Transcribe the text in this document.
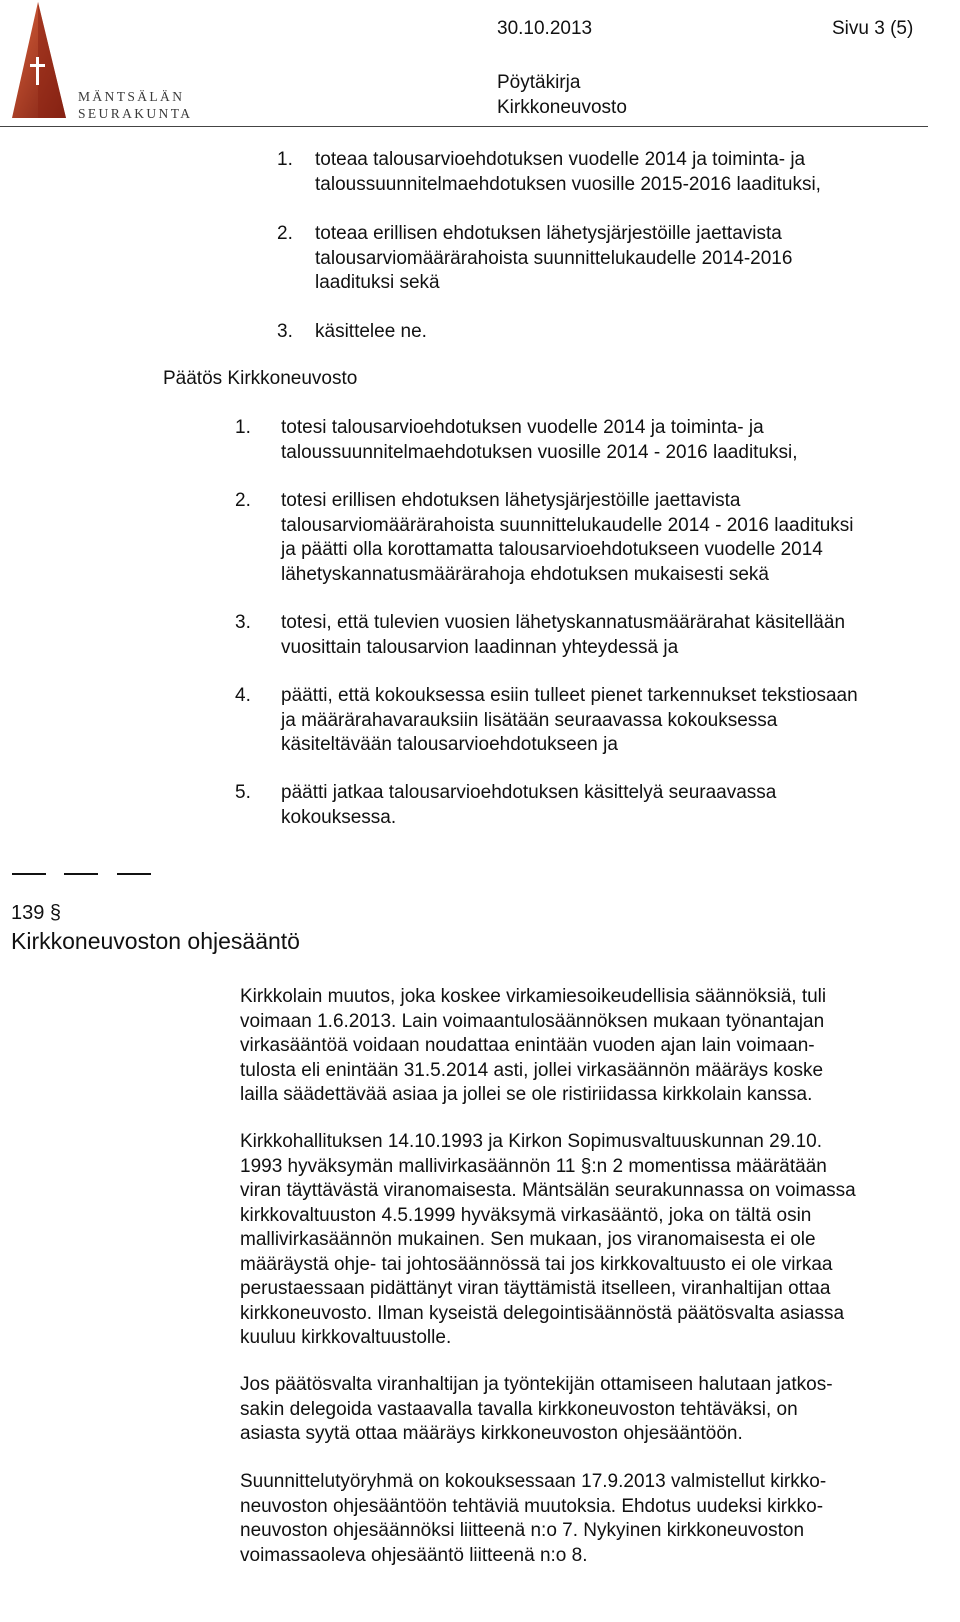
MÄNTSÄLÄN
SEURAKUNTA
30.10.2013	Sivu 3 (5)
Pöytäkirja
Kirkkoneuvosto
1. toteaa talousarvioehdotuksen vuodelle 2014 ja toiminta- ja
taloussuunnitelmaehdotuksen vuosille 2015-2016 laadituksi,
2. toteaa erillisen ehdotuksen lähetysjärjestöille jaettavista
talousarviomäärärahoista suunnittelukaudelle 2014-2016
laadituksi sekä
3. käsittelee ne.
Päätös Kirkkoneuvosto
1. totesi talousarvioehdotuksen vuodelle 2014 ja toiminta- ja
taloussuunnitelmaehdotuksen vuosille 2014 - 2016 laadituksi,
2. totesi erillisen ehdotuksen lähetysjärjestöille jaettavista
talousarviomäärärahoista suunnittelukaudelle 2014 - 2016 laadituksi
ja päätti olla korottamatta talousarvioehdotukseen vuodelle 2014
lähetyskannatusmäärärahoja ehdotuksen mukaisesti sekä
3. totesi, että tulevien vuosien lähetyskannatusmäärärahat käsitellään
vuosittain talousarvion laadinnan yhteydessä ja
4. päätti, että kokouksessa esiin tulleet pienet tarkennukset tekstiosaan
ja määrärahavarauksiin lisätään seuraavassa kokouksessa
käsiteltävään talousarvioehdotukseen ja
5. päätti jatkaa talousarvioehdotuksen käsittelyä seuraavassa
kokouksessa.
139 §
Kirkkoneuvoston ohjesääntö
Kirkkolain muutos, joka koskee virkamiesoikeudellisia säännöksiä, tuli
voimaan 1.6.2013. Lain voimaantulosäännöksen mukaan työnantajan
virkasääntöä voidaan noudattaa enintään vuoden ajan lain voimaan-
tulosta eli enintään 31.5.2014 asti, jollei virkasäännön määräys koske
lailla säädettävää asiaa ja jollei se ole ristiriidassa kirkkolain kanssa.
Kirkkohallituksen 14.10.1993 ja Kirkon Sopimusvaltuuskunnan 29.10.
1993 hyväksymän mallivirkasäännön 11 §:n 2 momentissa määrätään
viran täyttävästä viranomaisesta. Mäntsälän seurakunnassa on voimassa
kirkkovaltuuston 4.5.1999 hyväksymä virkasääntö, joka on tältä osin
mallivirkasäännön mukainen. Sen mukaan, jos viranomaisesta ei ole
määräystä ohje- tai johtosäännössä tai jos kirkkovaltuusto ei ole virkaa
perustaessaan pidättänyt viran täyttämistä itselleen, viranhaltijan ottaa
kirkkoneuvosto. Ilman kyseistä delegointisäännöstä päätösvalta asiassa
kuuluu kirkkovaltuustolle.
Jos päätösvalta viranhaltijan ja työntekijän ottamiseen halutaan jatkos-
sakin delegoida vastaavalla tavalla kirkkoneuvoston tehtäväksi, on
asiasta syytä ottaa määräys kirkkoneuvoston ohjesääntöön.
Suunnittelutyöryhmä on kokouksessaan 17.9.2013 valmistellut kirkko-
neuvoston ohjesääntöön tehtäviä muutoksia. Ehdotus uudeksi kirkko-
neuvoston ohjesäännöksi liitteenä n:o 7. Nykyinen kirkkoneuvoston
voimassaoleva ohjesääntö liitteenä n:o 8.
